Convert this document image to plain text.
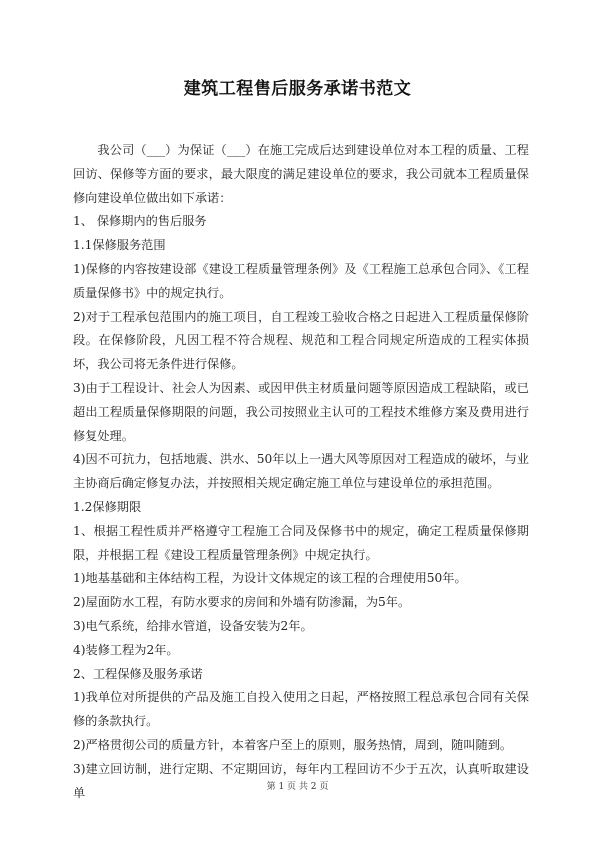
建筑工程售后服务承诺书范文

我公司（___）为保证（___）在施工完成后达到建设单位对本工程的质量、工程回访、保修等方面的要求，最大限度的满足建设单位的要求，我公司就本工程质量保修向建设单位做出如下承诺：

1、 保修期内的售后服务

1.1保修服务范围

1)保修的内容按建设部《建设工程质量管理条例》及《工程施工总承包合同》、《工程质量保修书》中的规定执行。

2)对于工程承包范围内的施工项目，自工程竣工验收合格之日起进入工程质量保修阶段。在保修阶段，凡因工程不符合规程、规范和工程合同规定所造成的工程实体损坏，我公司将无条件进行保修。

3)由于工程设计、社会人为因素、或因甲供主材质量问题等原因造成工程缺陷，或已超出工程质量保修期限的问题，我公司按照业主认可的工程技术维修方案及费用进行修复处理。

4)因不可抗力，包括地震、洪水、50年以上一遇大风等原因对工程造成的破坏，与业主协商后确定修复办法，并按照相关规定确定施工单位与建设单位的承担范围。

1.2保修期限

1、根据工程性质并严格遵守工程施工合同及保修书中的规定，确定工程质量保修期限，并根据工程《建设工程质量管理条例》中规定执行。

1)地基基础和主体结构工程，为设计文体规定的该工程的合理使用50年。

2)屋面防水工程，有防水要求的房间和外墙有防渗漏，为5年。

3)电气系统，给排水管道，设备安装为2年。

4)装修工程为2年。

2、工程保修及服务承诺

1)我单位对所提供的产品及施工自投入使用之日起，严格按照工程总承包合同有关保修的条款执行。

2)严格贯彻公司的质量方针，本着客户至上的原则，服务热情，周到，随叫随到。

3)建立回访制，进行定期、不定期回访，每年内工程回访不少于五次，认真听取建设单	第 1 页 共 2 页
